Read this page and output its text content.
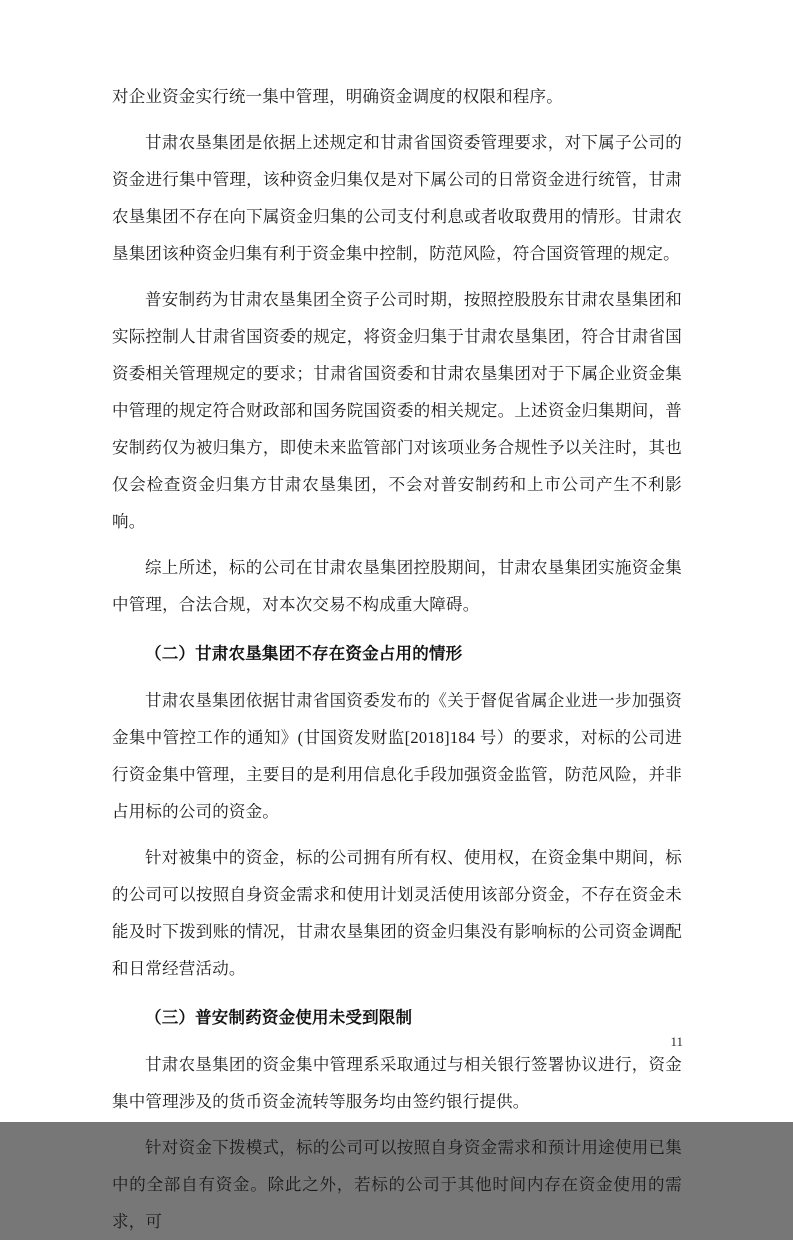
对企业资金实行统一集中管理，明确资金调度的权限和程序。

甘肃农垦集团是依据上述规定和甘肃省国资委管理要求，对下属子公司的资金进行集中管理，该种资金归集仅是对下属公司的日常资金进行统管，甘肃农垦集团不存在向下属资金归集的公司支付利息或者收取费用的情形。甘肃农垦集团该种资金归集有利于资金集中控制，防范风险，符合国资管理的规定。

普安制药为甘肃农垦集团全资子公司时期，按照控股股东甘肃农垦集团和实际控制人甘肃省国资委的规定，将资金归集于甘肃农垦集团，符合甘肃省国资委相关管理规定的要求；甘肃省国资委和甘肃农垦集团对于下属企业资金集中管理的规定符合财政部和国务院国资委的相关规定。上述资金归集期间，普安制药仅为被归集方，即使未来监管部门对该项业务合规性予以关注时，其也仅会检查资金归集方甘肃农垦集团，不会对普安制药和上市公司产生不利影响。

综上所述，标的公司在甘肃农垦集团控股期间，甘肃农垦集团实施资金集中管理，合法合规，对本次交易不构成重大障碍。

（二）甘肃农垦集团不存在资金占用的情形

甘肃农垦集团依据甘肃省国资委发布的《关于督促省属企业进一步加强资金集中管控工作的通知》(甘国资发财监[2018]184 号）的要求，对标的公司进行资金集中管理，主要目的是利用信息化手段加强资金监管，防范风险，并非占用标的公司的资金。

针对被集中的资金，标的公司拥有所有权、使用权，在资金集中期间，标的公司可以按照自身资金需求和使用计划灵活使用该部分资金，不存在资金未能及时下拨到账的情况，甘肃农垦集团的资金归集没有影响标的公司资金调配和日常经营活动。

（三）普安制药资金使用未受到限制

甘肃农垦集团的资金集中管理系采取通过与相关银行签署协议进行，资金集中管理涉及的货币资金流转等服务均由签约银行提供。

针对资金下拨模式，标的公司可以按照自身资金需求和预计用途使用已集中的全部自有资金。除此之外，若标的公司于其他时间内存在资金使用的需求，可

11
